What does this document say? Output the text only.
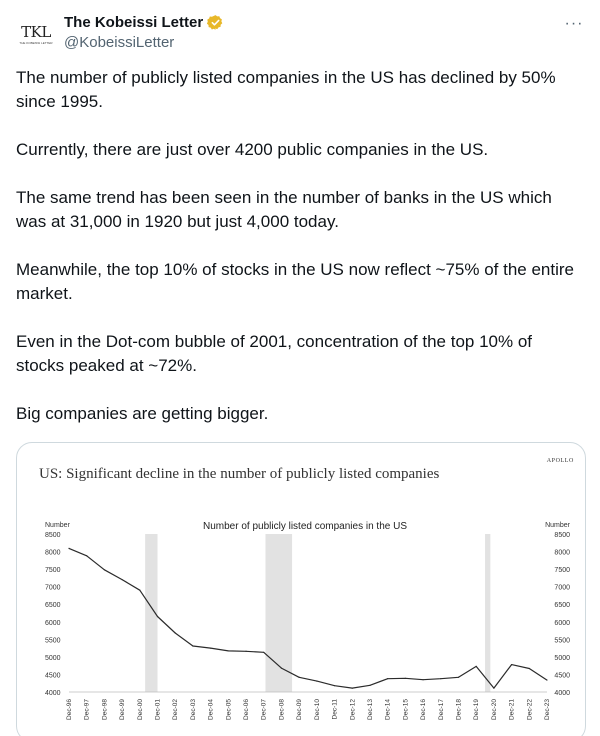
TKL
THE KOBEISSI LETTER
The Kobeissi Letter
@KobeissiLetter
···

The number of publicly listed companies in the US has declined by 50% since 1995.

Currently, there are just over 4200 public companies in the US.

The same trend has been seen in the number of banks in the US which was at 31,000 in 1920 but just 4,000 today.

Meanwhile, the top 10% of stocks in the US now reflect ~75% of the entire market.

Even in the Dot-com bubble of 2001, concentration of the top 10% of stocks peaked at ~72%.

Big companies are getting bigger.

APOLLO
US: Significant decline in the number of publicly listed companies
Number of publicly listed companies in the US
Number	Number
8500
8000
7500
7000
6500
6000
5500
5000
4500
4000
8500
8000
7500
7000
6500
6000
5500
5000
4500
4000
Dec-96 Dec-97 Dec-98 Dec-99 Dec-00 Dec-01 Dec-02 Dec-03 Dec-04 Dec-05 Dec-06 Dec-07 Dec-08 Dec-09 Dec-10 Dec-11 Dec-12 Dec-13 Dec-14 Dec-15 Dec-16 Dec-17 Dec-18 Dec-19 Dec-20 Dec-21 Dec-22 Dec-23
